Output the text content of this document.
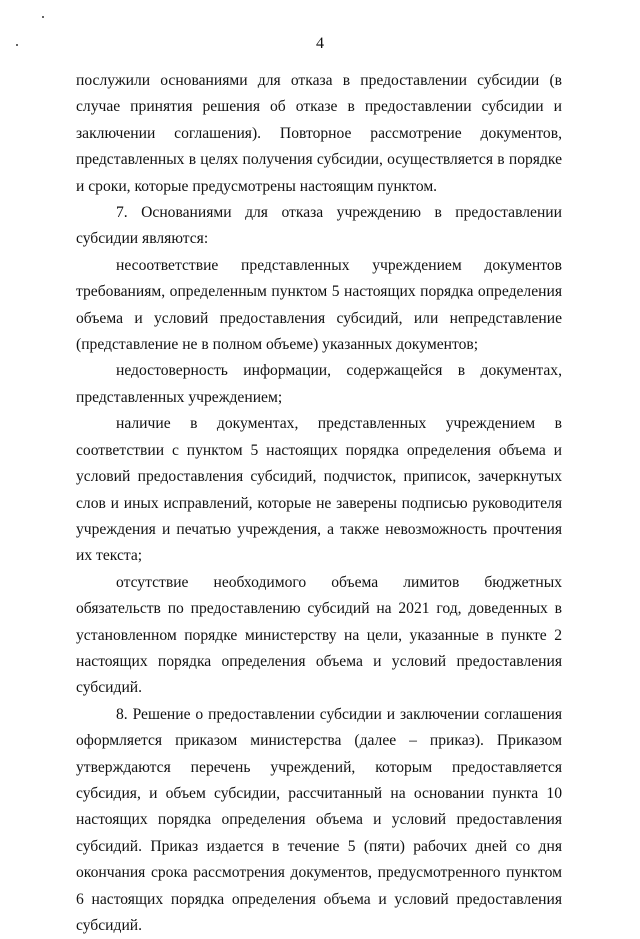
4

послужили основаниями для отказа в предоставлении субсидии (в случае принятия решения об отказе в предоставлении субсидии и заключении соглашения). Повторное рассмотрение документов, представленных в целях получения субсидии, осуществляется в порядке и сроки, которые предусмотрены настоящим пунктом.

7. Основаниями для отказа учреждению в предоставлении субсидии являются:

несоответствие представленных учреждением документов требованиям, определенным пунктом 5 настоящих порядка определения объема и условий предоставления субсидий, или непредставление (представление не в полном объеме) указанных документов;

недостоверность информации, содержащейся в документах, представленных учреждением;

наличие в документах, представленных учреждением в соответствии с пунктом 5 настоящих порядка определения объема и условий предоставления субсидий, подчисток, приписок, зачеркнутых слов и иных исправлений, которые не заверены подписью руководителя учреждения и печатью учреждения, а также невозможность прочтения их текста;

отсутствие необходимого объема лимитов бюджетных обязательств по предоставлению субсидий на 2021 год, доведенных в установленном порядке министерству на цели, указанные в пункте 2 настоящих порядка определения объема и условий предоставления субсидий.

8. Решение о предоставлении субсидии и заключении соглашения оформляется приказом министерства (далее – приказ). Приказом утверждаются перечень учреждений, которым предоставляется субсидия, и объем субсидии, рассчитанный на основании пункта 10 настоящих порядка определения объема и условий предоставления субсидий. Приказ издается в течение 5 (пяти) рабочих дней со дня окончания срока рассмотрения документов, предусмотренного пунктом 6 настоящих порядка определения объема и условий предоставления субсидий.
